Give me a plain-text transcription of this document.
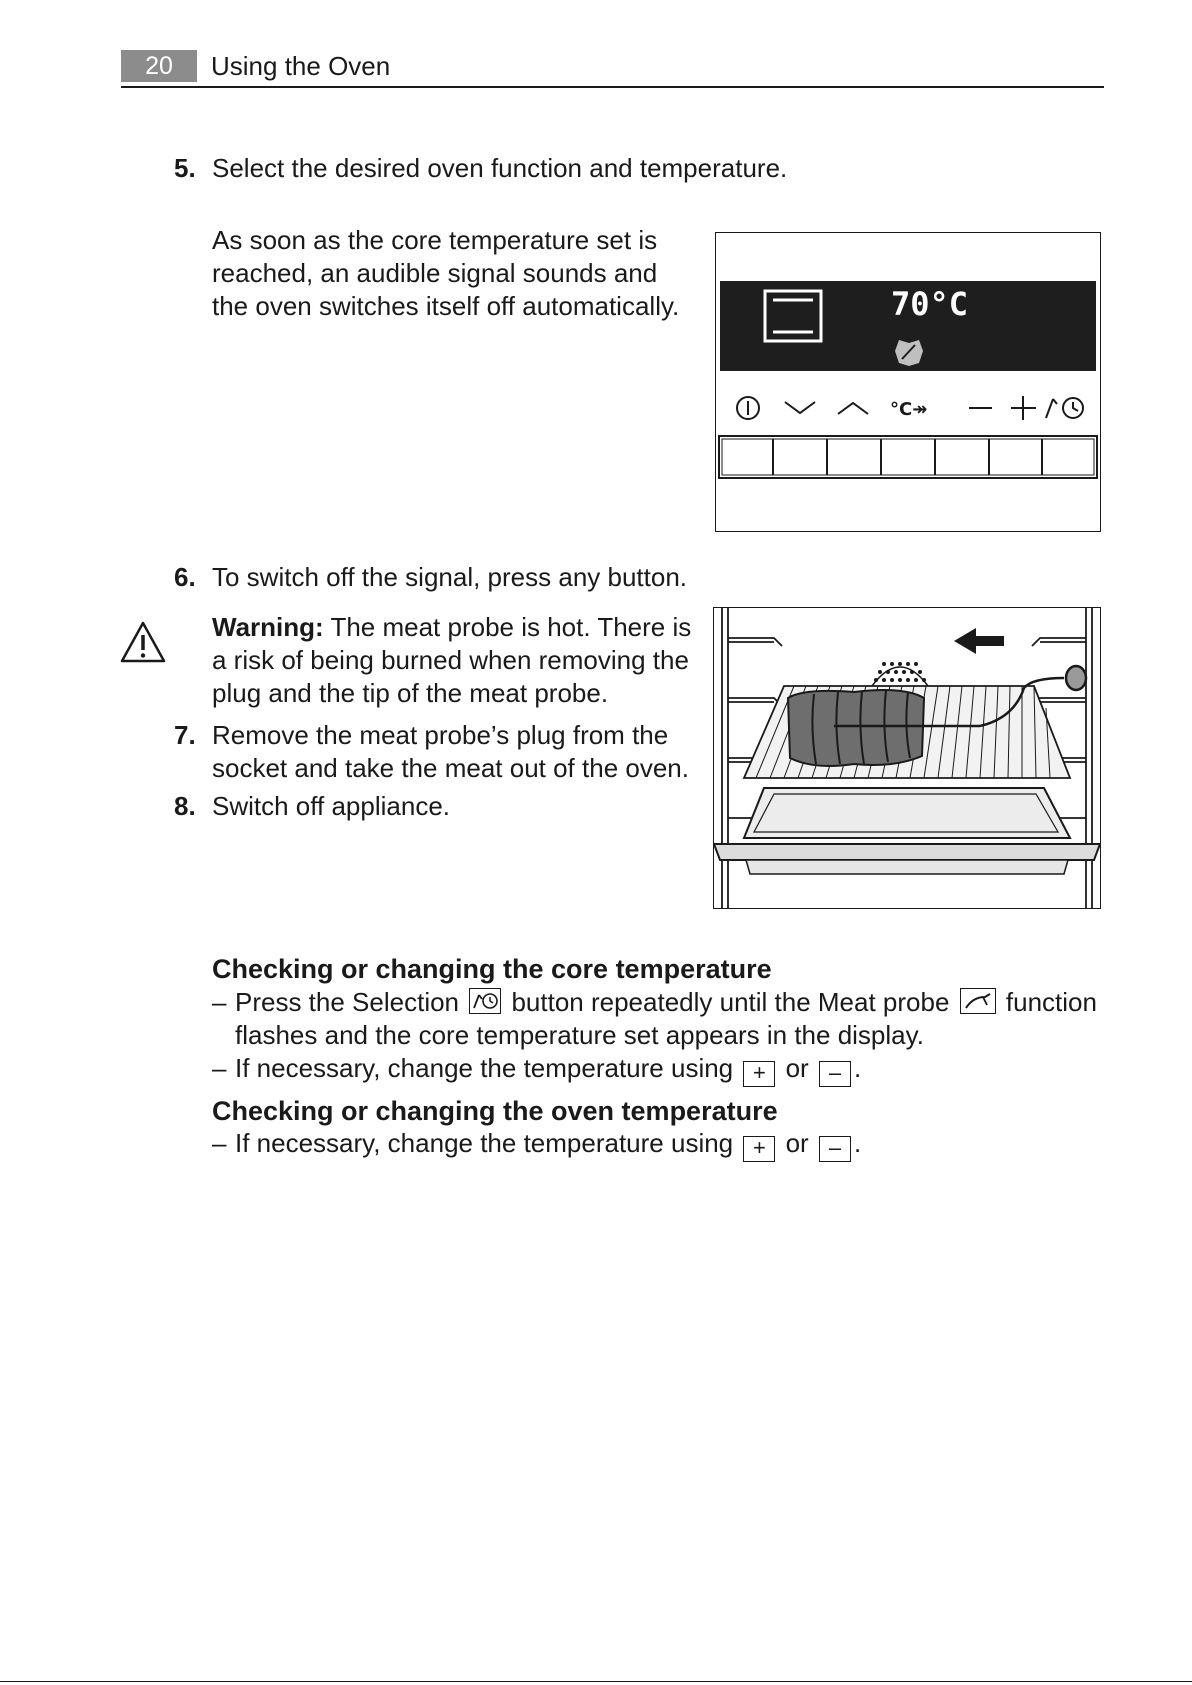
20	Using the Oven
5. Select the desired oven function and temperature.
As soon as the core temperature set is reached, an audible signal sounds and the oven switches itself off automatically.	70°C
°C↠
6. To switch off the signal, press any button.
Warning: The meat probe is hot. There is a risk of being burned when removing the plug and the tip of the meat probe.
7. Remove the meat probe’s plug from the socket and take the meat out of the oven.
8. Switch off appliance.
Checking or changing the core temperature
– Press the Selection
button repeatedly until the Meat probe
function flashes and the core temperature set appears in the display.
– If necessary, change the temperature using + or – .
Checking or changing the oven temperature
– If necessary, change the temperature using + or – .
